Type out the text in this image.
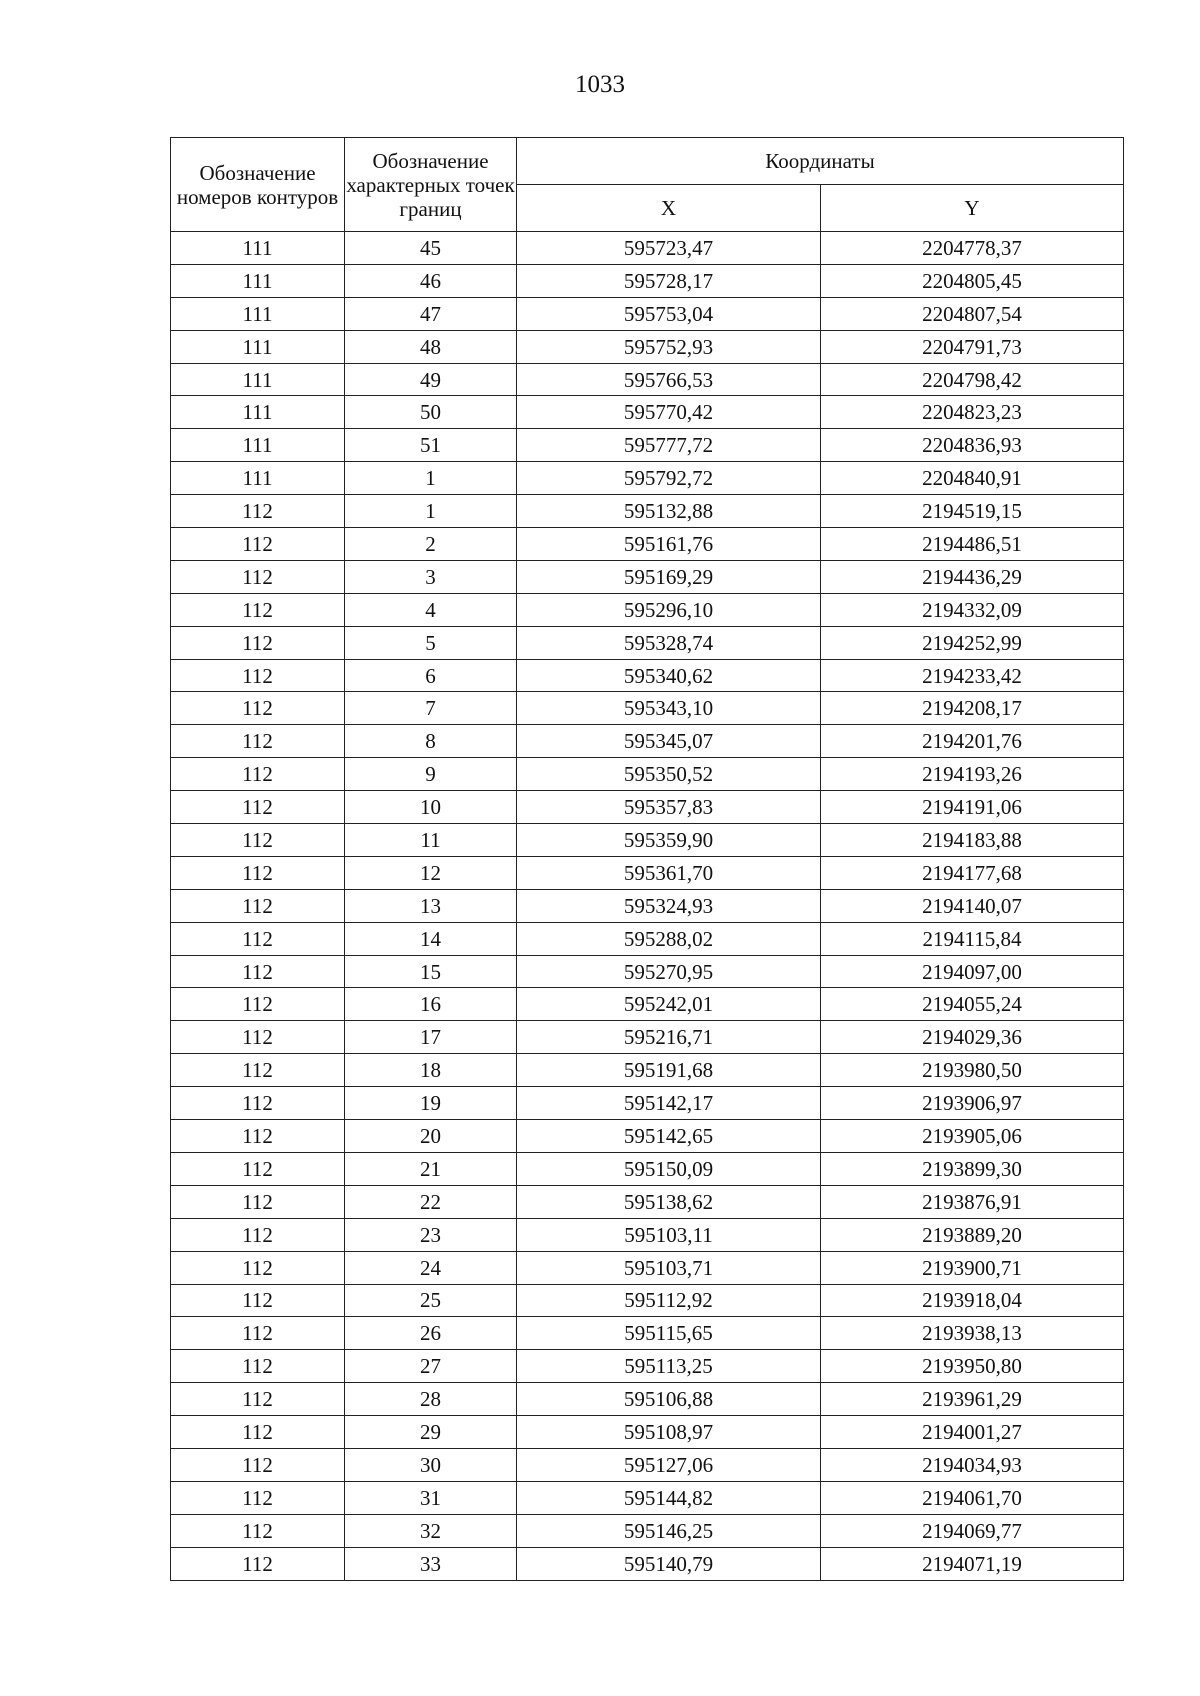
1033
Обозначение номеров контуров	Обозначение характерных точек границ	Координаты	
		X	Y
111	45	595723,47	2204778,37
111	46	595728,17	2204805,45
111	47	595753,04	2204807,54
111	48	595752,93	2204791,73
111	49	595766,53	2204798,42
111	50	595770,42	2204823,23
111	51	595777,72	2204836,93
111	1	595792,72	2204840,91
112	1	595132,88	2194519,15
112	2	595161,76	2194486,51
112	3	595169,29	2194436,29
112	4	595296,10	2194332,09
112	5	595328,74	2194252,99
112	6	595340,62	2194233,42
112	7	595343,10	2194208,17
112	8	595345,07	2194201,76
112	9	595350,52	2194193,26
112	10	595357,83	2194191,06
112	11	595359,90	2194183,88
112	12	595361,70	2194177,68
112	13	595324,93	2194140,07
112	14	595288,02	2194115,84
112	15	595270,95	2194097,00
112	16	595242,01	2194055,24
112	17	595216,71	2194029,36
112	18	595191,68	2193980,50
112	19	595142,17	2193906,97
112	20	595142,65	2193905,06
112	21	595150,09	2193899,30
112	22	595138,62	2193876,91
112	23	595103,11	2193889,20
112	24	595103,71	2193900,71
112	25	595112,92	2193918,04
112	26	595115,65	2193938,13
112	27	595113,25	2193950,80
112	28	595106,88	2193961,29
112	29	595108,97	2194001,27
112	30	595127,06	2194034,93
112	31	595144,82	2194061,70
112	32	595146,25	2194069,77
112	33	595140,79	2194071,19
